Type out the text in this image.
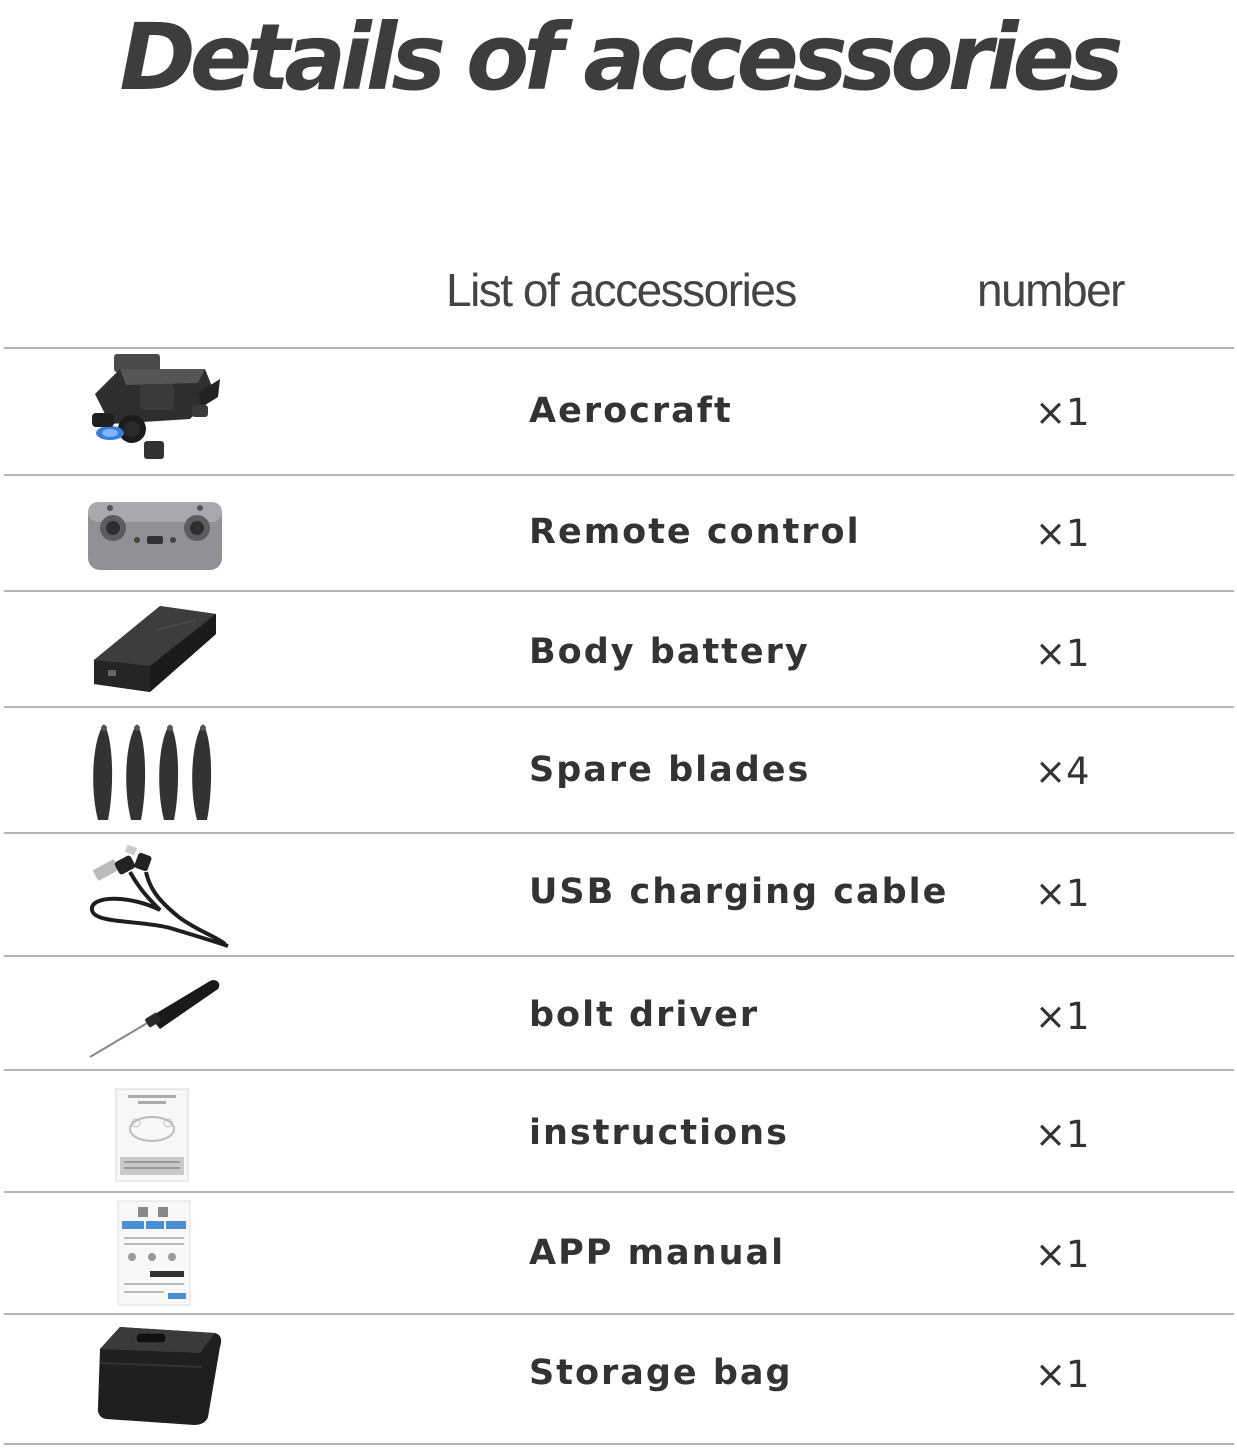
Details of accessories
List of accessories	number
Aerocraft	×1
Remote control	×1
Body battery	×1
Spare blades	×4
USB charging cable ×1
bolt driver	×1
instructions	×1
APP manual	×1
Storage bag	×1
